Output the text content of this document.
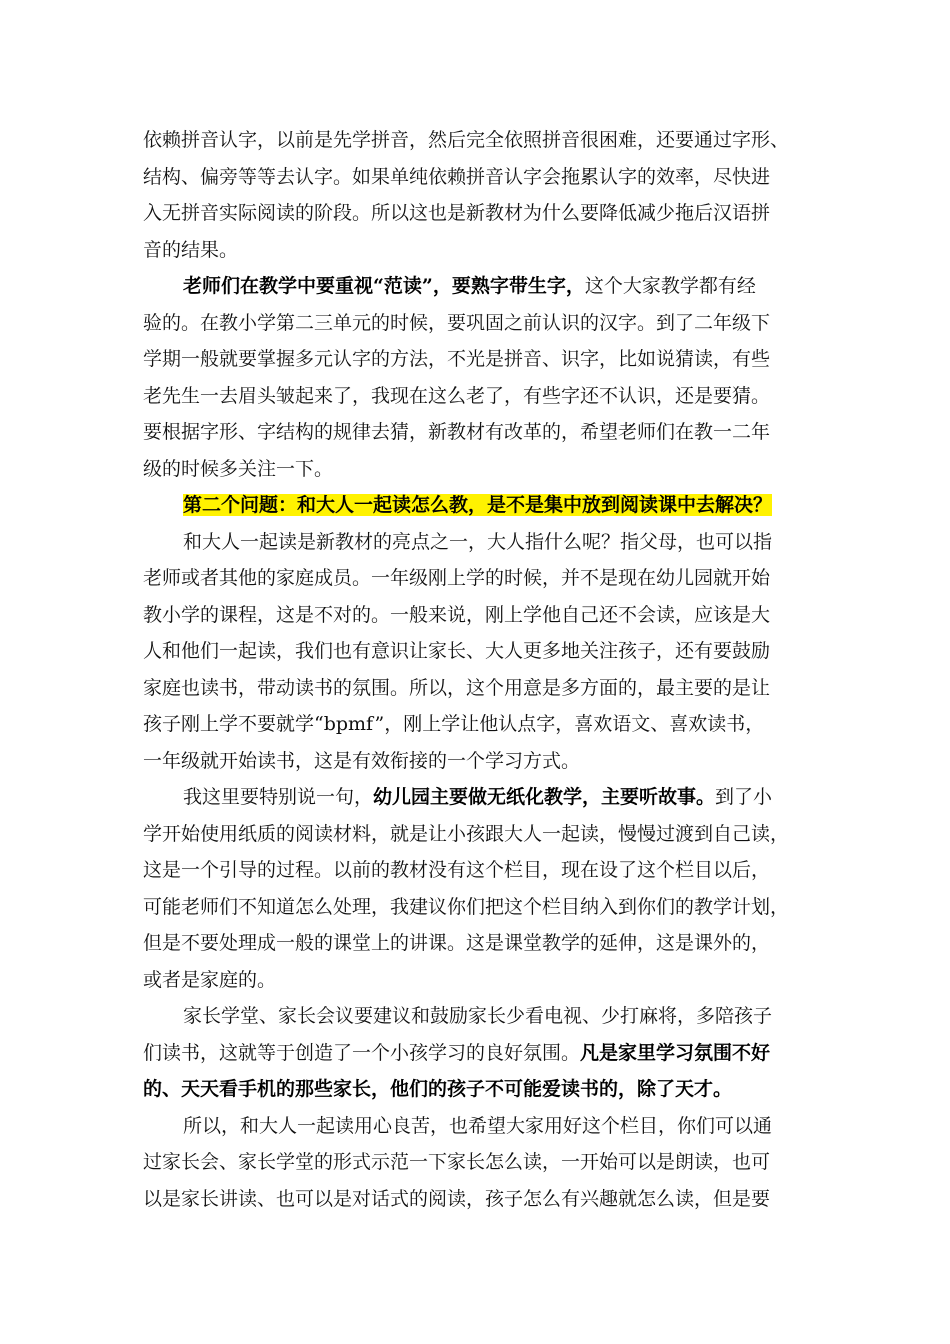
依赖拼音认字，以前是先学拼音，然后完全依照拼音很困难，还要通过字形、
结构、偏旁等等去认字。如果单纯依赖拼音认字会拖累认字的效率，尽快进
入无拼音实际阅读的阶段。所以这也是新教材为什么要降低减少拖后汉语拼
音的结果。
老师们在教学中要重视“范读”，要熟字带生字，这个大家教学都有经
验的。在教小学第二三单元的时候，要巩固之前认识的汉字。到了二年级下
学期一般就要掌握多元认字的方法，不光是拼音、识字，比如说猜读，有些
老先生一去眉头皱起来了，我现在这么老了，有些字还不认识，还是要猜。
要根据字形、字结构的规律去猜，新教材有改革的，希望老师们在教一二年
级的时候多关注一下。
第二个问题：和大人一起读怎么教，是不是集中放到阅读课中去解决？
和大人一起读是新教材的亮点之一，大人指什么呢？指父母，也可以指
老师或者其他的家庭成员。一年级刚上学的时候，并不是现在幼儿园就开始
教小学的课程，这是不对的。一般来说，刚上学他自己还不会读，应该是大
人和他们一起读，我们也有意识让家长、大人更多地关注孩子，还有要鼓励
家庭也读书，带动读书的氛围。所以，这个用意是多方面的，最主要的是让
孩子刚上学不要就学“bpmf”，刚上学让他认点字，喜欢语文、喜欢读书，
一年级就开始读书，这是有效衔接的一个学习方式。
我这里要特别说一句，幼儿园主要做无纸化教学，主要听故事。到了小
学开始使用纸质的阅读材料，就是让小孩跟大人一起读，慢慢过渡到自己读，
这是一个引导的过程。以前的教材没有这个栏目，现在设了这个栏目以后，
可能老师们不知道怎么处理，我建议你们把这个栏目纳入到你们的教学计划，
但是不要处理成一般的课堂上的讲课。这是课堂教学的延伸，这是课外的，
或者是家庭的。
家长学堂、家长会议要建议和鼓励家长少看电视、少打麻将，多陪孩子
们读书，这就等于创造了一个小孩学习的良好氛围。凡是家里学习氛围不好
的、天天看手机的那些家长，他们的孩子不可能爱读书的，除了天才。
所以，和大人一起读用心良苦，也希望大家用好这个栏目，你们可以通
过家长会、家长学堂的形式示范一下家长怎么读，一开始可以是朗读，也可
以是家长讲读、也可以是对话式的阅读，孩子怎么有兴趣就怎么读，但是要
